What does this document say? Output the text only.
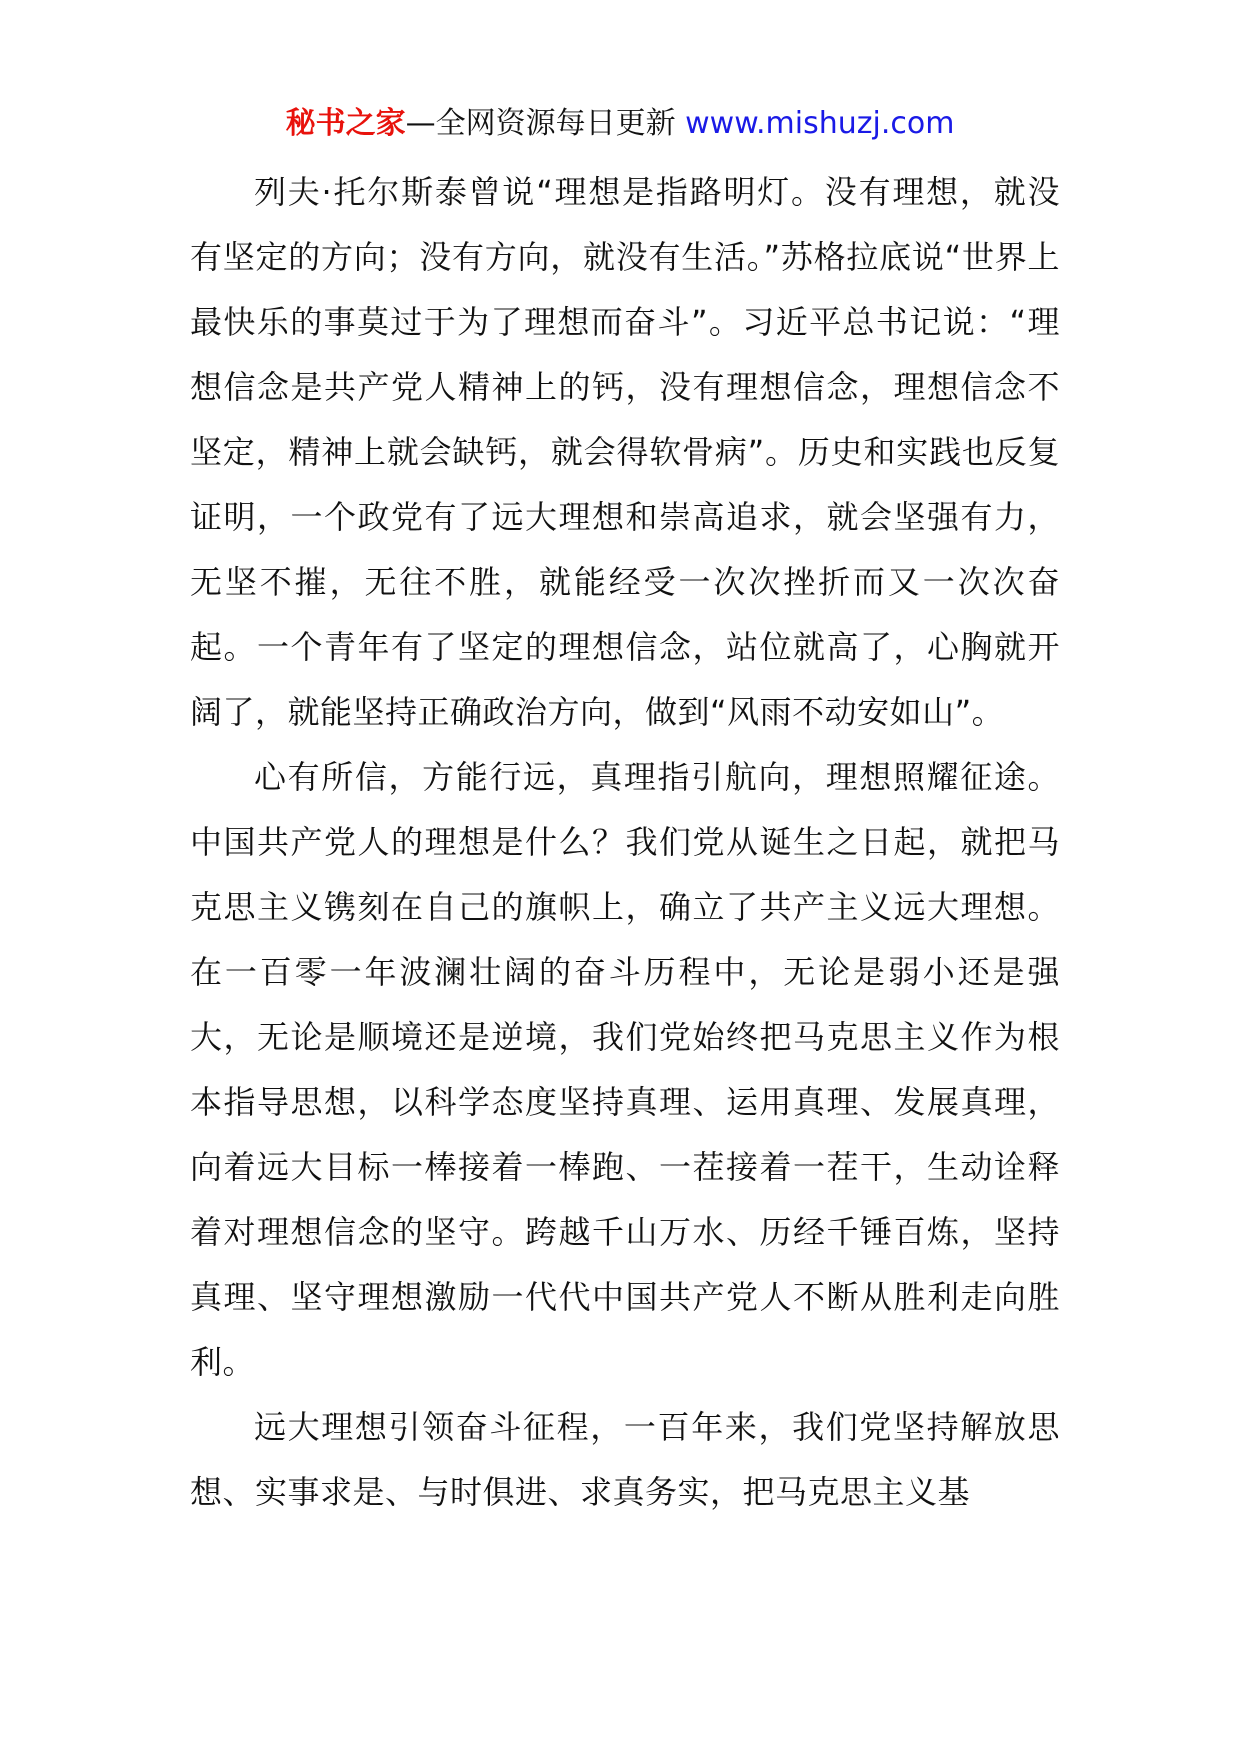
秘书之家—全网资源每日更新 www.mishuzj.com

列夫·托尔斯泰曾说“理想是指路明灯。没有理想，就没有坚定的方向；没有方向，就没有生活。”苏格拉底说“世界上最快乐的事莫过于为了理想而奋斗”。习近平总书记说：“理想信念是共产党人精神上的钙，没有理想信念，理想信念不坚定，精神上就会缺钙，就会得软骨病”。历史和实践也反复证明，一个政党有了远大理想和崇高追求，就会坚强有力，无坚不摧，无往不胜，就能经受一次次挫折而又一次次奋起。一个青年有了坚定的理想信念，站位就高了，心胸就开阔了，就能坚持正确政治方向，做到“风雨不动安如山”。

心有所信，方能行远，真理指引航向，理想照耀征途。中国共产党人的理想是什么？我们党从诞生之日起，就把马克思主义镌刻在自己的旗帜上，确立了共产主义远大理想。在一百零一年波澜壮阔的奋斗历程中，无论是弱小还是强大，无论是顺境还是逆境，我们党始终把马克思主义作为根本指导思想，以科学态度坚持真理、运用真理、发展真理，向着远大目标一棒接着一棒跑、一茬接着一茬干，生动诠释着对理想信念的坚守。跨越千山万水、历经千锤百炼，坚持真理、坚守理想激励一代代中国共产党人不断从胜利走向胜利。

远大理想引领奋斗征程，一百年来，我们党坚持解放思想、实事求是、与时俱进、求真务实，把马克思主义基
